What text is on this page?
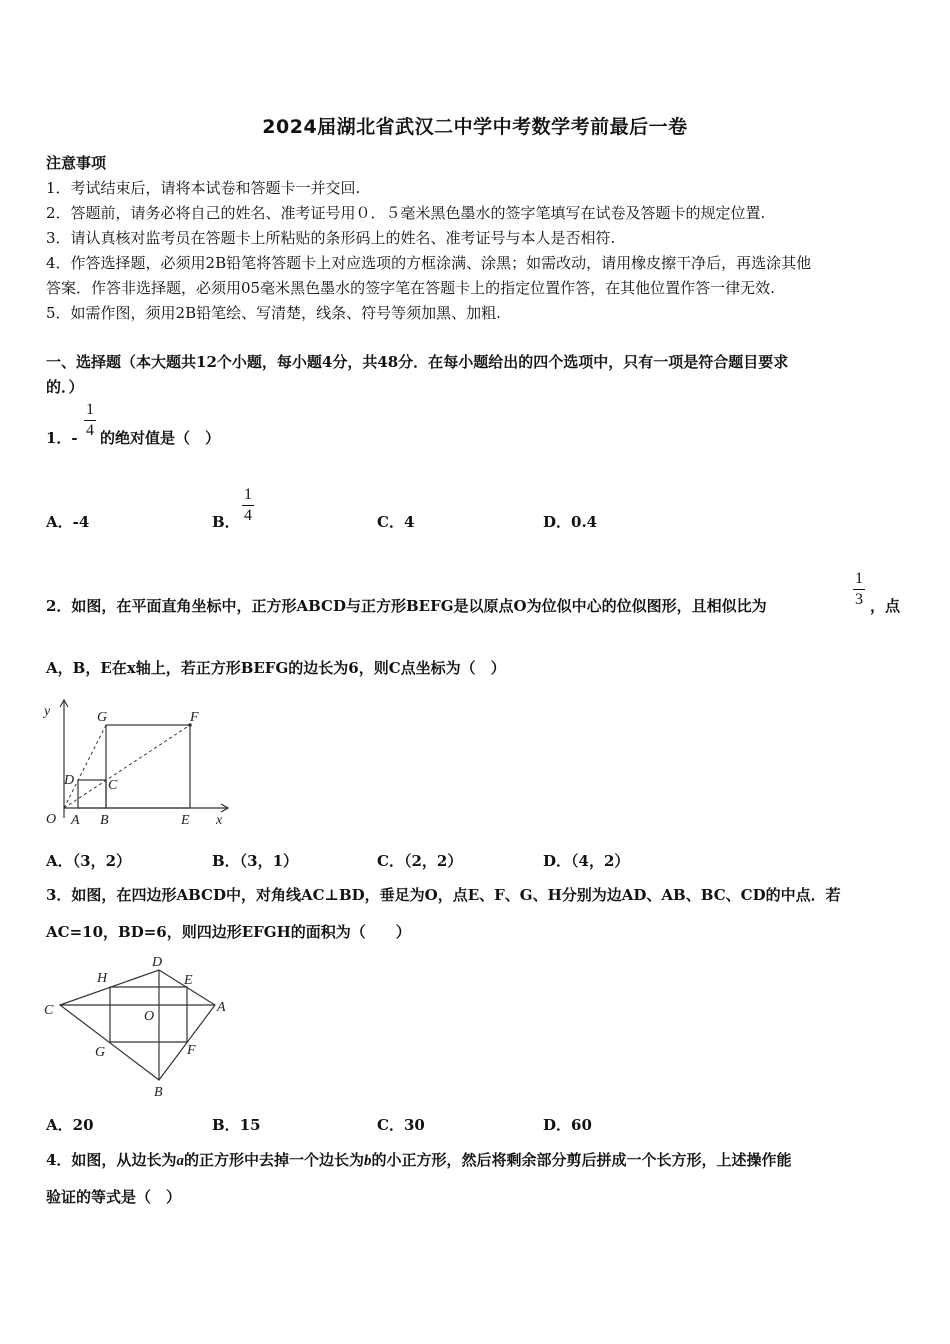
2024届湖北省武汉二中学中考数学考前最后一卷
注意事项
1．考试结束后，请将本试卷和答题卡一并交回.
2．答题前，请务必将自己的姓名、准考证号用０．５毫米黑色墨水的签字笔填写在试卷及答题卡的规定位置.
3．请认真核对监考员在答题卡上所粘贴的条形码上的姓名、准考证号与本人是否相符.
4．作答选择题，必须用2B铅笔将答题卡上对应选项的方框涂满、涂黑；如需改动，请用橡皮擦干净后，再选涂其他
答案．作答非选择题，必须用05毫米黑色墨水的签字笔在答题卡上的指定位置作答，在其他位置作答一律无效.
5．如需作图，须用2B铅笔绘、写清楚，线条、符号等须加黑、加粗.
一、选择题（本大题共12个小题，每小题4分，共48分．在每小题给出的四个选项中，只有一项是符合题目要求
的．）
1．-
1
4 的绝对值是（　）
A．-4	B．
1
4	C．4	D．0.4
2．如图，在平面直角坐标中，正方形ABCD与正方形BEFG是以原点O为位似中心的位似图形，且相似比为
1
3 ，点
A，B，E在x轴上，若正方形BEFG的边长为6，则C点坐标为（　）
y	G	F
D C
O A B	E x
A．（3，2）	B．（3，1）	C．（2，2）	D．（4，2）
3．如图，在四边形ABCD中，对角线AC⊥BD，垂足为O，点E、F、G、H分别为边AD、AB、BC、CD的中点．若
AC=10，BD=6，则四边形EFGH的面积为（　　）
D
H	E
C	O
A
G	F
B
A．20	B．15	C．30	D．60
4．如图，从边长为a的正方形中去掉一个边长为b的小正方形，然后将剩余部分剪后拼成一个长方形，上述操作能
验证的等式是（　）
